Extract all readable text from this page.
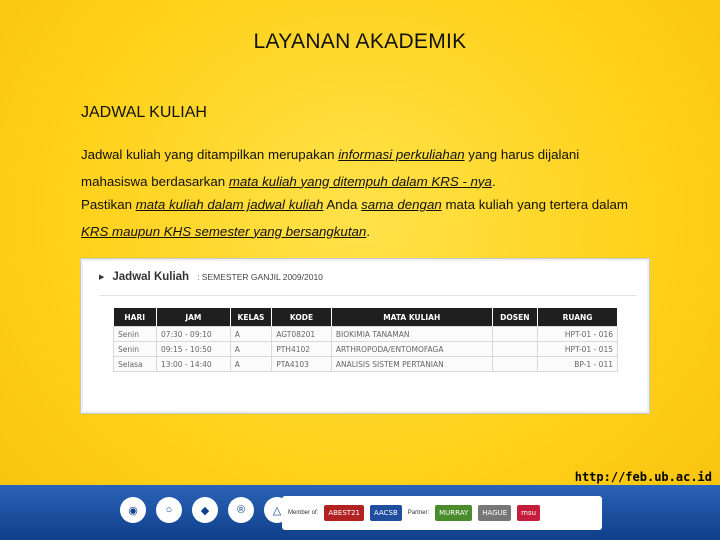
LAYANAN AKADEMIK
JADWAL KULIAH
Jadwal kuliah yang ditampilkan merupakan informasi perkuliahan yang harus dijalani mahasiswa berdasarkan mata kuliah yang ditempuh dalam KRS - nya.
Pastikan mata kuliah dalam jadwal kuliah Anda sama dengan mata kuliah yang tertera dalam KRS maupun KHS semester yang bersangkutan.
▶ Jadwal Kuliah : SEMESTER GANJIL 2009/2010
HARI	JAM	KELAS	KODE	MATA KULIAH	DOSEN	RUANG
Senin	07:30 - 09:10	A	AGT08201	BIOKIMIA TANAMAN		HPT-01 - 016
Senin	09:15 - 10:50	A	PTH4102	ARTHROPODA/ENTOMOFAGA		HPT-01 - 015
Selasa	13:00 - 14:40	A	PTA4103	ANALISIS SISTEM PERTANIAN		BP-1 - 011
http://feb.ub.ac.id
◉	○	◆	®	△	Member of:	ABEST21	AACSB	Partner:	MURRAY	HAGUE	msu
